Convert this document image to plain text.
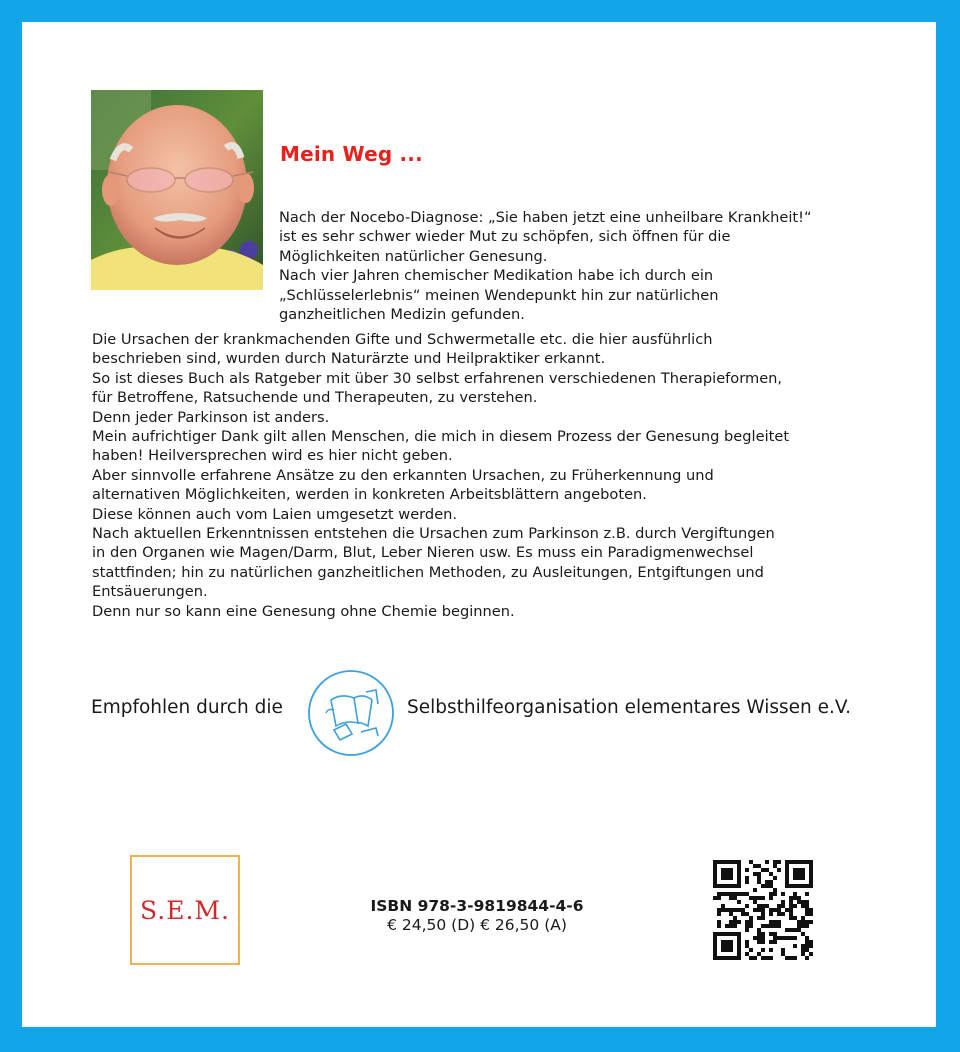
Mein Weg ...
Nach der Nocebo-Diagnose: „Sie haben jetzt eine unheilbare Krankheit!“
ist es sehr schwer wieder Mut zu schöpfen, sich öffnen für die
Möglichkeiten natürlicher Genesung.
Nach vier Jahren chemischer Medikation habe ich durch ein
„Schlüsselerlebnis“ meinen Wendepunkt hin zur natürlichen
ganzheitlichen Medizin gefunden.
Die Ursachen der krankmachenden Gifte und Schwermetalle etc. die hier ausführlich
beschrieben sind, wurden durch Naturärzte und Heilpraktiker erkannt.
So ist dieses Buch als Ratgeber mit über 30 selbst erfahrenen verschiedenen Therapieformen,
für Betroffene, Ratsuchende und Therapeuten, zu verstehen.
Denn jeder Parkinson ist anders.
Mein aufrichtiger Dank gilt allen Menschen, die mich in diesem Prozess der Genesung begleitet
haben! Heilversprechen wird es hier nicht geben.
Aber sinnvolle erfahrene Ansätze zu den erkannten Ursachen, zu Früherkennung und
alternativen Möglichkeiten, werden in konkreten Arbeitsblättern angeboten.
Diese können auch vom Laien umgesetzt werden.
Nach aktuellen Erkenntnissen entstehen die Ursachen zum Parkinson z.B. durch Vergiftungen
in den Organen wie Magen/Darm, Blut, Leber Nieren usw. Es muss ein Paradigmenwechsel
stattfinden; hin zu natürlichen ganzheitlichen Methoden, zu Ausleitungen, Entgiftungen und
Entsäuerungen.
Denn nur so kann eine Genesung ohne Chemie beginnen.
Empfohlen durch die	Selbsthilfeorganisation elementares Wissen e.V.
S.E.M.	ISBN 978-3-9819844-4-6
€ 24,50 (D) € 26,50 (A)
